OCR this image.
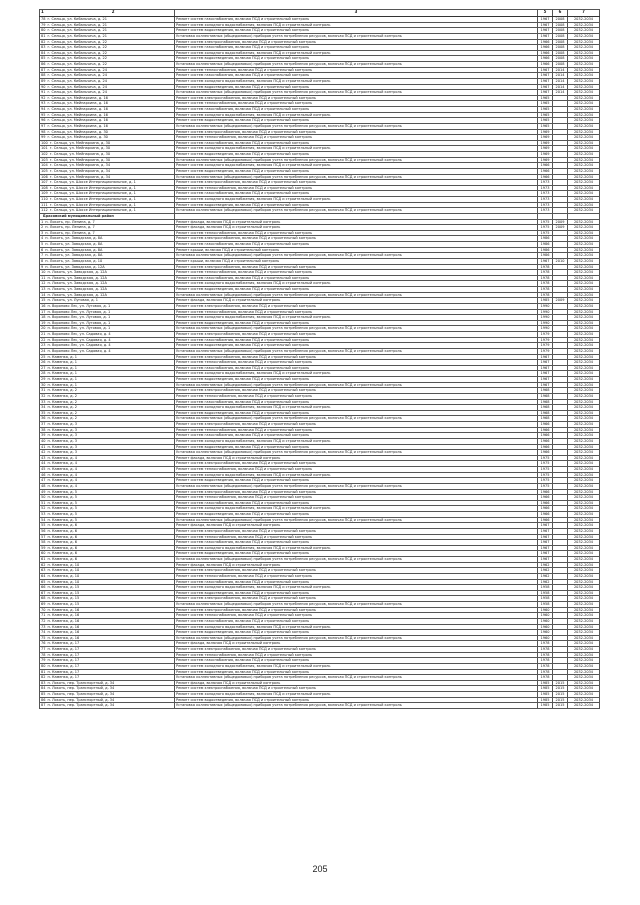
1 2	3		5	6	7
78 г. Сельцо, ул. Кибальчича, д. 21	Ремонт систем газоснабжения, включая ПСД и строительный контроль		1967	2008	2032-2034
79 г. Сельцо, ул. Кибальчича, д. 21	Ремонт систем холодного водоснабжения, включая ПСД и строительный контроль		1967	2008	2032-2034
80 г. Сельцо, ул. Кибальчича, д. 21	Ремонт систем водоотведения, включая ПСД и строительный контроль		1967	2008	2032-2034
81 г. Сельцо, ул. Кибальчича, д. 21	Установка коллективных (общедомовых) приборов учета потребления ресурсов, включая ПСД и строительный контроль		1967	2008	2032-2034
82 г. Сельцо, ул. Кибальчича, д. 22	Ремонт систем электроснабжения, включая ПСД и строительный контроль		1966	2008	2032-2034
83 г. Сельцо, ул. Кибальчича, д. 22	Ремонт систем газоснабжения, включая ПСД и строительный контроль		1966	2008	2032-2034
84 г. Сельцо, ул. Кибальчича, д. 22	Ремонт систем холодного водоснабжения, включая ПСД и строительный контроль		1966	2008	2032-2034
85 г. Сельцо, ул. Кибальчича, д. 22	Ремонт систем водоотведения, включая ПСД и строительный контроль		1966	2008	2032-2034
86 г. Сельцо, ул. Кибальчича, д. 22	Установка коллективных (общедомовых) приборов учета потребления ресурсов, включая ПСД и строительный контроль		1966	2008	2032-2034
87 г. Сельцо, ул. Кибальчича, д. 24	Ремонт систем теплоснабжения, включая ПСД и строительный контроль		1967	2014	2032-2034
88 г. Сельцо, ул. Кибальчича, д. 24	Ремонт систем газоснабжения, включая ПСД и строительный контроль		1967	2014	2032-2034
89 г. Сельцо, ул. Кибальчича, д. 24	Ремонт систем холодного водоснабжения, включая ПСД и строительный контроль		1967	2014	2032-2034
90 г. Сельцо, ул. Кибальчича, д. 24	Ремонт систем водоотведения, включая ПСД и строительный контроль		1967	2014	2032-2034
91 г. Сельцо, ул. Кибальчича, д. 24	Установка коллективных (общедомовых) приборов учета потребления ресурсов, включая ПСД и строительный контроль		1967	2014	2032-2034
92 г. Сельцо, ул. Мейпархина, д. 16	Ремонт систем электроснабжения, включая ПСД и строительный контроль		1965		2032-2034
93 г. Сельцо, ул. Мейпархина, д. 16	Ремонт систем теплоснабжения, включая ПСД и строительный контроль		1965		2032-2034
94 г. Сельцо, ул. Мейпархина, д. 16	Ремонт систем газоснабжения, включая ПСД и строительный контроль		1965		2032-2034
95 г. Сельцо, ул. Мейпархина, д. 16	Ремонт систем холодного водоснабжения, включая ПСД и строительный контроль		1965		2032-2034
96 г. Сельцо, ул. Мейпархина, д. 16	Ремонт систем водоотведения, включая ПСД и строительный контроль		1965		2032-2034
97 г. Сельцо, ул. Мейпархина, д. 16	Установка коллективных (общедомовых) приборов учета потребления ресурсов, включая ПСД и строительный контроль		1965		2032-2034
98 г. Сельцо, ул. Мейпархина, д. 30	Ремонт систем электроснабжения, включая ПСД и строительный контроль		1969		2032-2034
99 г. Сельцо, ул. Мейпархина, д. 30	Ремонт систем теплоснабжения, включая ПСД и строительный контроль		1969		2032-2034
100 г. Сельцо, ул. Мейпархина, д. 30	Ремонт систем газоснабжения, включая ПСД и строительный контроль		1969		2032-2034
101 г. Сельцо, ул. Мейпархина, д. 30	Ремонт систем холодного водоснабжения, включая ПСД и строительный контроль		1969		2032-2034
102 г. Сельцо, ул. Мейпархина, д. 30	Ремонт систем водоотведения, включая ПСД и строительный контроль		1969		2032-2034
103 г. Сельцо, ул. Мейпархина, д. 30	Установка коллективных (общедомовых) приборов учета потребления ресурсов, включая ПСД и строительный контроль		1969		2032-2034
104 г. Сельцо, ул. Мейпархина, д. 34	Ремонт систем холодного водоснабжения, включая ПСД и строительный контроль		1966		2032-2034
105 г. Сельцо, ул. Мейпархина, д. 34	Ремонт систем водоотведения, включая ПСД и строительный контроль		1966		2032-2034
106 г. Сельцо, ул. Мейпархина, д. 34	Установка коллективных (общедомовых) приборов учета потребления ресурсов, включая ПСД и строительный контроль		1966		2032-2034
107 г. Сельцо, ул. Шоссе Интернациональное, д. 1	Ремонт систем электроснабжения, включая ПСД и строительный контроль		1973		2032-2034
108 г. Сельцо, ул. Шоссе Интернациональное, д. 1	Ремонт систем теплоснабжения, включая ПСД и строительный контроль		1973		2032-2034
109 г. Сельцо, ул. Шоссе Интернациональное, д. 1	Ремонт систем газоснабжения, включая ПСД и строительный контроль		1973		2032-2034
110 г. Сельцо, ул. Шоссе Интернациональное, д. 1	Ремонт систем холодного водоснабжения, включая ПСД и строительный контроль		1973		2032-2034
111 г. Сельцо, ул. Шоссе Интернациональное, д. 1	Ремонт систем водоотведения, включая ПСД и строительный контроль		1973		2032-2034
112 г. Сельцо, ул. Шоссе Интернациональное, д. 1	Установка коллективных (общедомовых) приборов учета потребления ресурсов, включая ПСД и строительный контроль		1973		2032-2034
Брасовский муниципальный район					
1 п. Локоть, пр. Ленина, д. 7	Ремонт фасада, включая ПСД и строительный контроль		1975	2009	2032-2034
2 п. Локоть, пр. Ленина, д. 7	Ремонт фасада, включая ПСД и строительный контроль		1975	2009	2032-2034
3 п. Локоть, пр. Ленина, д. 7	Ремонт систем теплоснабжения, включая ПСД и строительный контроль		1975		2032-2034
4 п. Локоть, ул. Заводская, д. 8А	Ремонт систем электроснабжения, включая ПСД и строительный контроль		1986		2032-2034
5 п. Локоть, ул. Заводская, д. 8А	Ремонт систем газоснабжения, включая ПСД и строительный контроль		1986		2032-2034
6 п. Локоть, ул. Заводская, д. 8А	Ремонт крыши, включая ПСД и строительный контроль		1986		2032-2034
7 п. Локоть, ул. Заводская, д. 8А	Установка коллективных (общедомовых) приборов учета потребления ресурсов, включая ПСД и строительный контроль		1986		2032-2034
8 п. Локоть, ул. Заводская, д. 10	Ремонт крыши, включая ПСД и строительный контроль		1967	2010	2032-2034
9 п. Локоть, ул. Заводская, д. 12А	Ремонт систем электроснабжения, включая ПСД и строительный контроль		1978		2032-2034
10 п. Локоть, ул. Заводская, д. 12А	Ремонт систем теплоснабжения, включая ПСД и строительный контроль		1978		2032-2034
11 п. Локоть, ул. Заводская, д. 12А	Ремонт систем газоснабжения, включая ПСД и строительный контроль		1978		2032-2034
12 п. Локоть, ул. Заводская, д. 12А	Ремонт систем холодного водоснабжения, включая ПСД и строительный контроль		1978		2032-2034
13 п. Локоть, ул. Заводская, д. 12А	Ремонт систем водоотведения, включая ПСД и строительный контроль		1978		2032-2034
14 п. Локоть, ул. Заводская, д. 12А	Установка коллективных (общедомовых) приборов учета потребления ресурсов, включая ПСД и строительный контроль		1978		2032-2034
15 п. Локоть, ул. Луговая, д. 1	Ремонт фасада, включая ПСД и строительный контроль		1985	2009	2032-2034
16 п. Вороново Лес, ул. Луговая, д. 1	Ремонт систем электроснабжения, включая ПСД и строительный контроль		1990		2032-2034
17 п. Вороново Лес, ул. Луговая, д. 1	Ремонт систем теплоснабжения, включая ПСД и строительный контроль		1990		2032-2034
18 п. Вороново Лес, ул. Луговая, д. 1	Ремонт систем холодного водоснабжения, включая ПСД и строительный контроль		1990		2032-2034
19 п. Вороново Лес, ул. Луговая, д. 1	Ремонт систем водоотведения, включая ПСД и строительный контроль		1990		2032-2034
20 п. Вороново Лес, ул. Луговая, д. 1	Установка коллективных (общедомовых) приборов учета потребления ресурсов, включая ПСД и строительный контроль		1990		2032-2034
21 п. Вороново Лес, ул. Садовая, д. 4	Ремонт систем электроснабжения, включая ПСД и строительный контроль		1979		2032-2034
22 п. Вороново Лес, ул. Садовая, д. 4	Ремонт систем газоснабжения, включая ПСД и строительный контроль		1979		2032-2034
23 п. Вороново Лес, ул. Садовая, д. 4	Ремонт систем водоотведения, включая ПСД и строительный контроль		1979		2032-2034
24 п. Вороново Лес, ул. Садовая, д. 4	Установка коллективных (общедомовых) приборов учета потребления ресурсов, включая ПСД и строительный контроль		1979		2032-2034
25 п. Каменка, д. 1	Ремонт систем электроснабжения, включая ПСД и строительный контроль		1967		2032-2034
26 п. Каменка, д. 1	Ремонт систем теплоснабжения, включая ПСД и строительный контроль		1967		2032-2034
27 п. Каменка, д. 1	Ремонт систем газоснабжения, включая ПСД и строительный контроль		1967		2032-2034
28 п. Каменка, д. 1	Ремонт систем холодного водоснабжения, включая ПСД и строительный контроль		1967		2032-2034
29 п. Каменка, д. 1	Ремонт систем водоотведения, включая ПСД и строительный контроль		1967		2032-2034
30 п. Каменка, д. 1	Установка коллективных (общедомовых) приборов учета потребления ресурсов, включая ПСД и строительный контроль		1967		2032-2034
31 п. Каменка, д. 2	Ремонт систем электроснабжения, включая ПСД и строительный контроль		1968		2032-2034
32 п. Каменка, д. 2	Ремонт систем теплоснабжения, включая ПСД и строительный контроль		1968		2032-2034
33 п. Каменка, д. 2	Ремонт систем газоснабжения, включая ПСД и строительный контроль		1968		2032-2034
34 п. Каменка, д. 2	Ремонт систем холодного водоснабжения, включая ПСД и строительный контроль		1968		2032-2034
35 п. Каменка, д. 2	Ремонт систем водоотведения, включая ПСД и строительный контроль		1968		2032-2034
36 п. Каменка, д. 2	Установка коллективных (общедомовых) приборов учета потребления ресурсов, включая ПСД и строительный контроль		1968		2032-2034
37 п. Каменка, д. 3	Ремонт систем электроснабжения, включая ПСД и строительный контроль		1966		2032-2034
38 п. Каменка, д. 3	Ремонт систем теплоснабжения, включая ПСД и строительный контроль		1966		2032-2034
39 п. Каменка, д. 3	Ремонт систем газоснабжения, включая ПСД и строительный контроль		1966		2032-2034
40 п. Каменка, д. 3	Ремонт систем холодного водоснабжения, включая ПСД и строительный контроль		1966		2032-2034
41 п. Каменка, д. 3	Ремонт систем водоотведения, включая ПСД и строительный контроль		1966		2032-2034
42 п. Каменка, д. 3	Установка коллективных (общедомовых) приборов учета потребления ресурсов, включая ПСД и строительный контроль		1966		2032-2034
43 п. Каменка, д. 4	Ремонт фасада, включая ПСД и строительный контроль		1975		2032-2034
44 п. Каменка, д. 4	Ремонт систем электроснабжения, включая ПСД и строительный контроль		1975		2032-2034
45 п. Каменка, д. 4	Ремонт систем теплоснабжения, включая ПСД и строительный контроль		1975		2032-2034
46 п. Каменка, д. 4	Ремонт систем холодного водоснабжения, включая ПСД и строительный контроль		1975		2032-2034
47 п. Каменка, д. 4	Ремонт систем водоотведения, включая ПСД и строительный контроль		1975		2032-2034
48 п. Каменка, д. 4	Установка коллективных (общедомовых) приборов учета потребления ресурсов, включая ПСД и строительный контроль		1975		2032-2034
49 п. Каменка, д. 5	Ремонт систем электроснабжения, включая ПСД и строительный контроль		1966		2032-2034
50 п. Каменка, д. 5	Ремонт систем теплоснабжения, включая ПСД и строительный контроль		1966		2032-2034
51 п. Каменка, д. 5	Ремонт систем газоснабжения, включая ПСД и строительный контроль		1966		2032-2034
52 п. Каменка, д. 5	Ремонт систем холодного водоснабжения, включая ПСД и строительный контроль		1966		2032-2034
53 п. Каменка, д. 5	Ремонт систем водоотведения, включая ПСД и строительный контроль		1966		2032-2034
54 п. Каменка, д. 5	Установка коллективных (общедомовых) приборов учета потребления ресурсов, включая ПСД и строительный контроль		1966		2032-2034
55 п. Каменка, д. 6	Ремонт фасада, включая ПСД и строительный контроль		1967		2032-2034
56 п. Каменка, д. 6	Ремонт систем электроснабжения, включая ПСД и строительный контроль		1967		2032-2034
57 п. Каменка, д. 6	Ремонт систем теплоснабжения, включая ПСД и строительный контроль		1967		2032-2034
58 п. Каменка, д. 6	Ремонт систем газоснабжения, включая ПСД и строительный контроль		1967		2032-2034
59 п. Каменка, д. 6	Ремонт систем холодного водоснабжения, включая ПСД и строительный контроль		1967		2032-2034
60 п. Каменка, д. 6	Ремонт систем водоотведения, включая ПСД и строительный контроль		1967		2032-2034
61 п. Каменка, д. 6	Установка коллективных (общедомовых) приборов учета потребления ресурсов, включая ПСД и строительный контроль		1967		2032-2034
62 п. Каменка, д. 10	Ремонт фасада, включая ПСД и строительный контроль		1962		2032-2034
63 п. Каменка, д. 10	Ремонт систем электроснабжения, включая ПСД и строительный контроль		1962		2032-2034
64 п. Каменка, д. 10	Ремонт систем теплоснабжения, включая ПСД и строительный контроль		1962		2032-2034
65 п. Каменка, д. 10	Ремонт систем газоснабжения, включая ПСД и строительный контроль		1962		2032-2034
66 п. Каменка, д. 15	Ремонт систем холодного водоснабжения, включая ПСД и строительный контроль		1958		2032-2034
67 п. Каменка, д. 15	Ремонт систем водоотведения, включая ПСД и строительный контроль		1958		2032-2034
68 п. Каменка, д. 15	Ремонт систем электроснабжения, включая ПСД и строительный контроль		1958		2032-2034
69 п. Каменка, д. 15	Установка коллективных (общедомовых) приборов учета потребления ресурсов, включая ПСД и строительный контроль		1958		2032-2034
70 п. Каменка, д. 16	Ремонт систем электроснабжения, включая ПСД и строительный контроль		1960		2032-2034
71 п. Каменка, д. 16	Ремонт систем теплоснабжения, включая ПСД и строительный контроль		1960		2032-2034
72 п. Каменка, д. 16	Ремонт систем газоснабжения, включая ПСД и строительный контроль		1960		2032-2034
73 п. Каменка, д. 16	Ремонт систем холодного водоснабжения, включая ПСД и строительный контроль		1960		2032-2034
74 п. Каменка, д. 16	Ремонт систем водоотведения, включая ПСД и строительный контроль		1960		2032-2034
75 п. Каменка, д. 16	Установка коллективных (общедомовых) приборов учета потребления ресурсов, включая ПСД и строительный контроль		1960		2032-2034
76 п. Каменка, д. 17	Ремонт фасада, включая ПСД и строительный контроль		1978		2032-2034
77 п. Каменка, д. 17	Ремонт систем электроснабжения, включая ПСД и строительный контроль		1978		2032-2034
78 п. Каменка, д. 17	Ремонт систем теплоснабжения, включая ПСД и строительный контроль		1978		2032-2034
79 п. Каменка, д. 17	Ремонт систем газоснабжения, включая ПСД и строительный контроль		1978		2032-2034
80 п. Каменка, д. 17	Ремонт систем холодного водоснабжения, включая ПСД и строительный контроль		1978		2032-2034
81 п. Каменка, д. 17	Ремонт систем водоотведения, включая ПСД и строительный контроль		1978		2032-2034
82 п. Каменка, д. 17	Установка коллективных (общедомовых) приборов учета потребления ресурсов, включая ПСД и строительный контроль		1978		2032-2034
83 п. Локоть, пер. Транспортный, д. 34	Ремонт фасада, включая ПСД и строительный контроль		1985	2015	2032-2034
84 п. Локоть, пер. Транспортный, д. 34	Ремонт систем электроснабжения, включая ПСД и строительный контроль		1985	2015	2032-2034
85 п. Локоть, пер. Транспортный, д. 34	Ремонт систем холодного водоснабжения, включая ПСД и строительный контроль		1985	2015	2032-2034
86 п. Локоть, пер. Транспортный, д. 34	Ремонт систем водоотведения, включая ПСД и строительный контроль		1985	2015	2032-2034
87 п. Локоть, пер. Транспортный, д. 34	Установка коллективных (общедомовых) приборов учета потребления ресурсов, включая ПСД и строительный контроль		1985	2015	2032-2034
205
